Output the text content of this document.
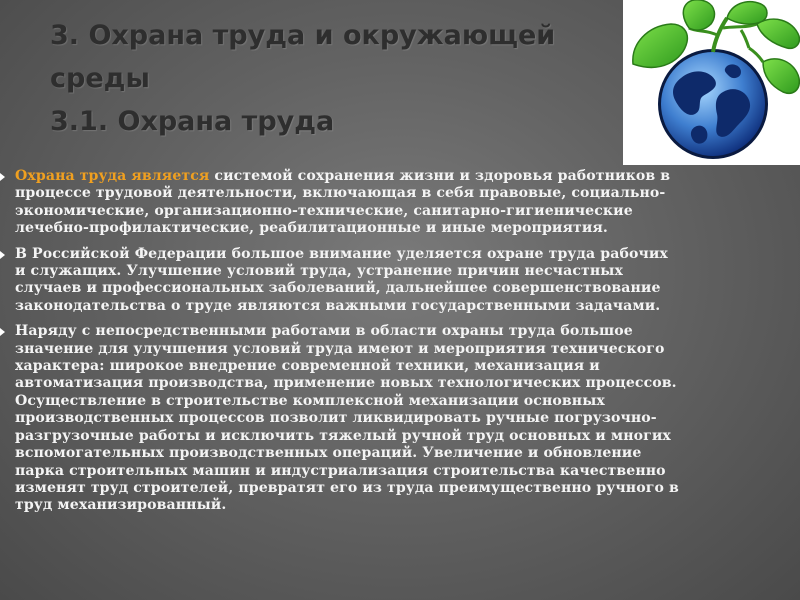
3. Охрана труда и окружающей
среды
3.1. Охрана труда
Охрана труда является системой сохранения жизни и здоровья работников в
процессе трудовой деятельности, включающая в себя правовые, социально-
экономические, организационно-технические, санитарно-гигиенические
лечебно-профилактические, реабилитационные и иные мероприятия.
В Российской Федерации большое внимание уделяется охране труда рабочих
и служащих. Улучшение условий труда, устранение причин несчастных
случаев и профессиональных заболеваний, дальнейшее совершенствование
законодательства о труде являются важными государственными задачами.
Наряду с непосредственными работами в области охраны труда большое
значение для улучшения условий труда имеют и мероприятия технического
характера: широкое внедрение современной техники, механизация и
автоматизация производства, применение новых технологических процессов.
Осуществление в строительстве комплексной механизации основных
производственных процессов позволит ликвидировать ручные погрузочно-
разгрузочные работы и исключить тяжелый ручной труд основных и многих
вспомогательных производственных операций. Увеличение и обновление
парка строительных машин и индустриализация строительства качественно
изменят труд строителей, превратят его из труда преимущественно ручного в
труд механизированный.
